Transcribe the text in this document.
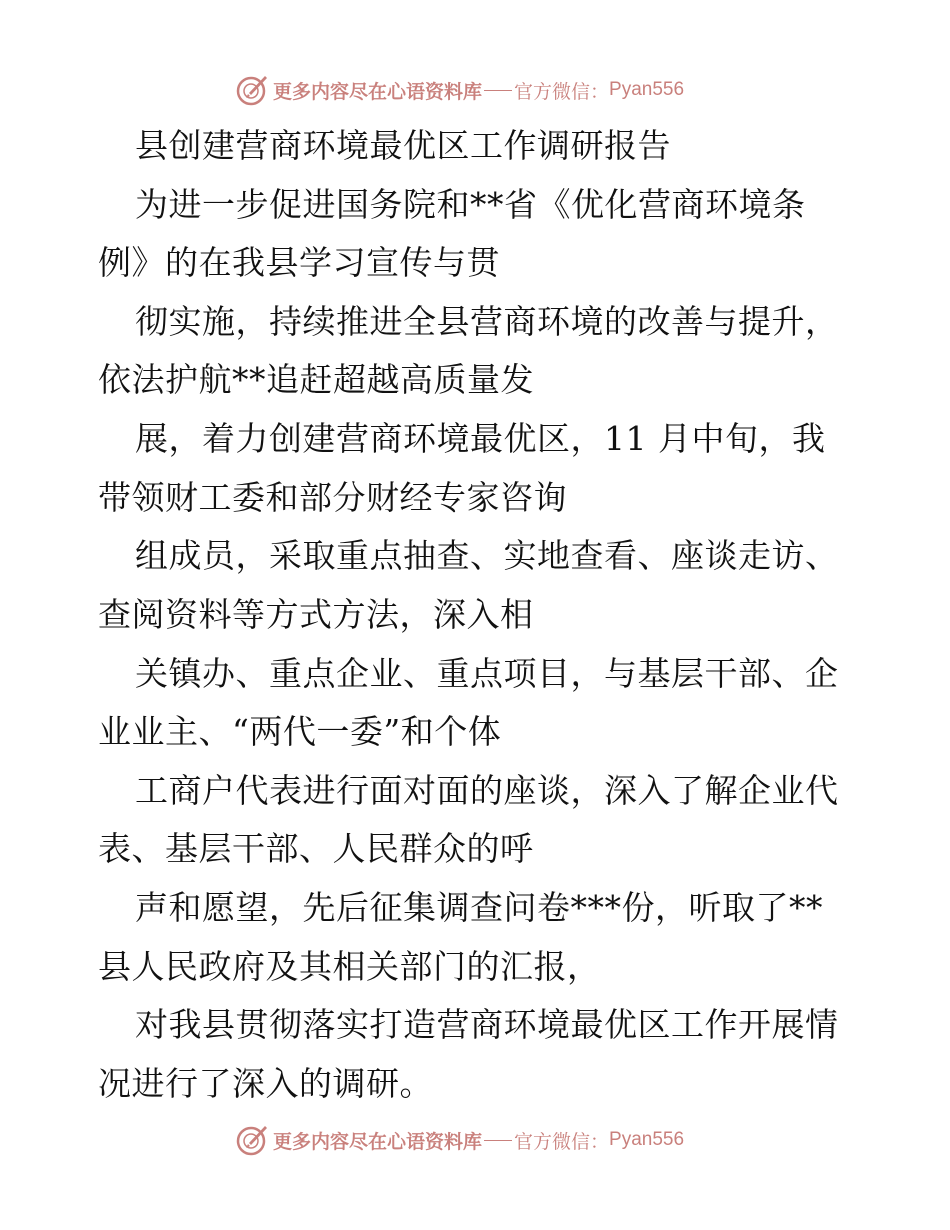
更多内容尽在心语资料库 官方微信： Pyan556
县创建营商环境最优区工作调研报告
为进一步促进国务院和**省《优化营商环境条
例》的在我县学习宣传与贯
彻实施，持续推进全县营商环境的改善与提升，
依法护航**追赶超越高质量发
展，着力创建营商环境最优区，11 月中旬，我
带领财工委和部分财经专家咨询
组成员，采取重点抽查、实地查看、座谈走访、
查阅资料等方式方法，深入相
关镇办、重点企业、重点项目，与基层干部、企
业业主、“两代一委”和个体
工商户代表进行面对面的座谈，深入了解企业代
表、基层干部、人民群众的呼
声和愿望，先后征集调查问卷***份，听取了**
县人民政府及其相关部门的汇报，
对我县贯彻落实打造营商环境最优区工作开展情
况进行了深入的调研。
更多内容尽在心语资料库 官方微信： Pyan556
